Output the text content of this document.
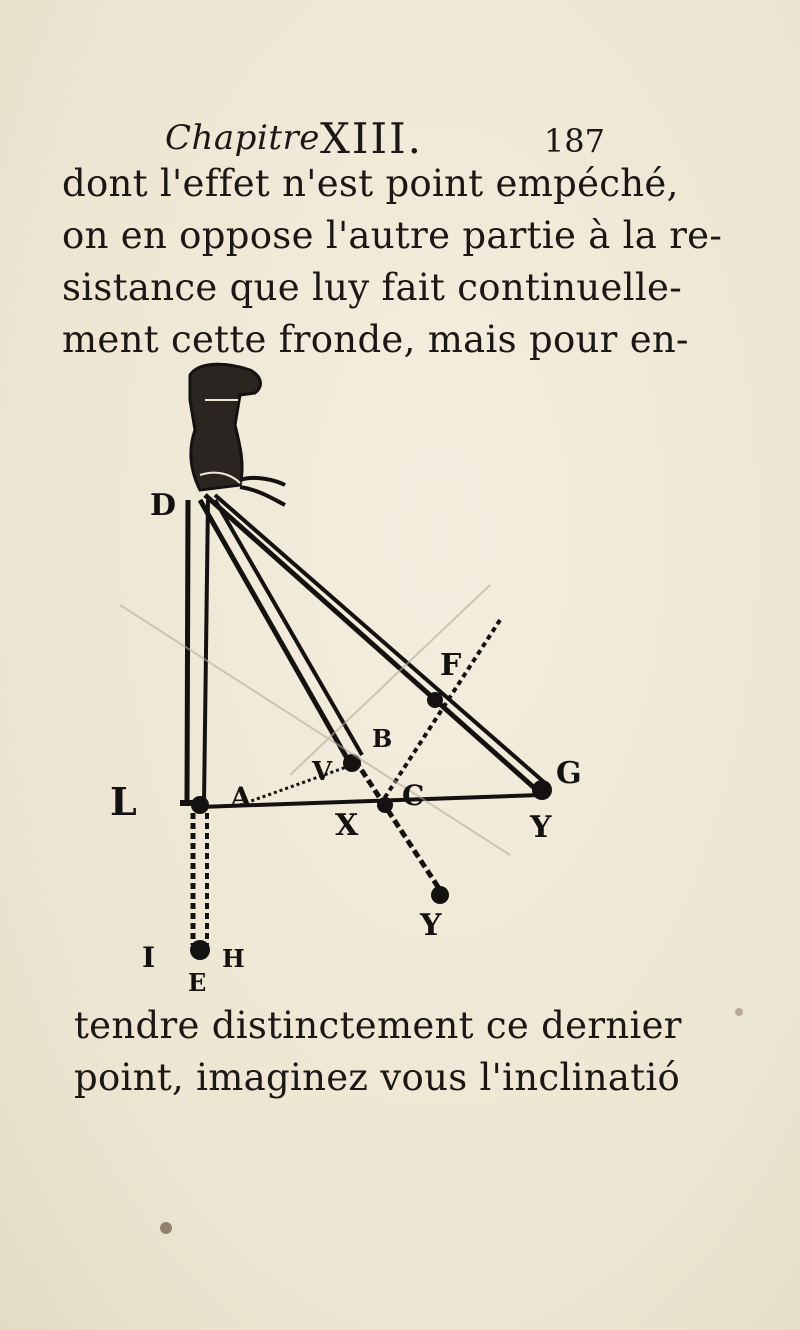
Chapitre XIII.	187
dont l'effet n'est point empéché,
on en oppose l'autre partie à la re-
sistance que luy fait continuelle-
ment cette fronde, mais pour en-
D
L	A
B
C
F
G
V
X	Y
Y
I
E
H
tendre distinctement ce dernier
point, imaginez vous l'inclinatió
